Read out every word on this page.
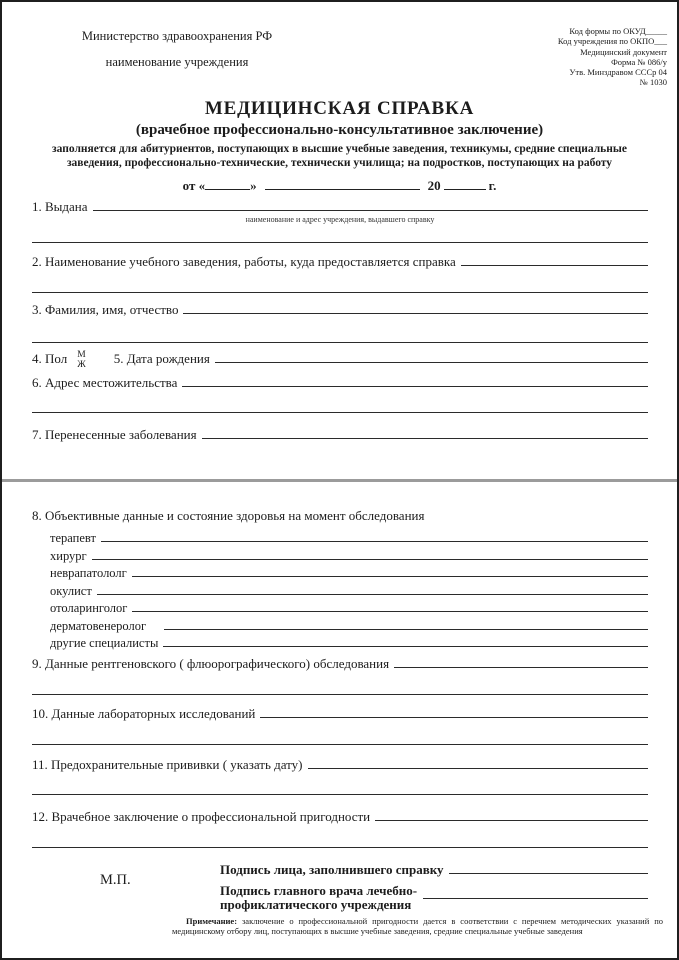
Министерство здравоохранения РФ
наименование учреждения
Код формы по ОКУД_____
Код учреждения по ОКПО___
Медицинский документ
Форма № 086/у
Утв. Минздравом СССр 04
№ 1030
МЕДИЦИНСКАЯ СПРАВКА
(врачебное профессионально-консультативное заключение)
заполняется для абитуриентов, поступающих в высшие учебные заведения, техникумы, средние специальные
заведения, профессионально-технические, технически училища; на подростков, поступающих на работу
от «	»	20	г.
1. Выдана
наименование и адрес учреждения, выдавшего справку
2. Наименование учебного заведения, работы, куда предоставляется справка
3. Фамилия, имя, отчество
4. Пол М
Ж 5. Дата рождения
6. Адрес местожительства
7. Перенесенные заболевания
8. Объективные данные и состояние здоровья на момент обследования
терапевт
хирург
неврапатололг
окулист
отоларинголог
дерматовенеролог
другие специалисты
9. Данные рентгеновского ( флюорографического) обследования
10. Данные лабораторных исследований
11. Предохранительные прививки ( указать дату)
12. Врачебное заключение о профессиональной пригодности
Подпись лица, заполнившего справку
М.П.
Подпись главного врача лечебно-
профиклатического учреждения
Примечание: заключение о профессиональной пригодности дается в соответствии с перечнем методических указаний по медицинскому отбору лиц, поступающих в высшие учебные заведения, средние специальные учебные заведения
